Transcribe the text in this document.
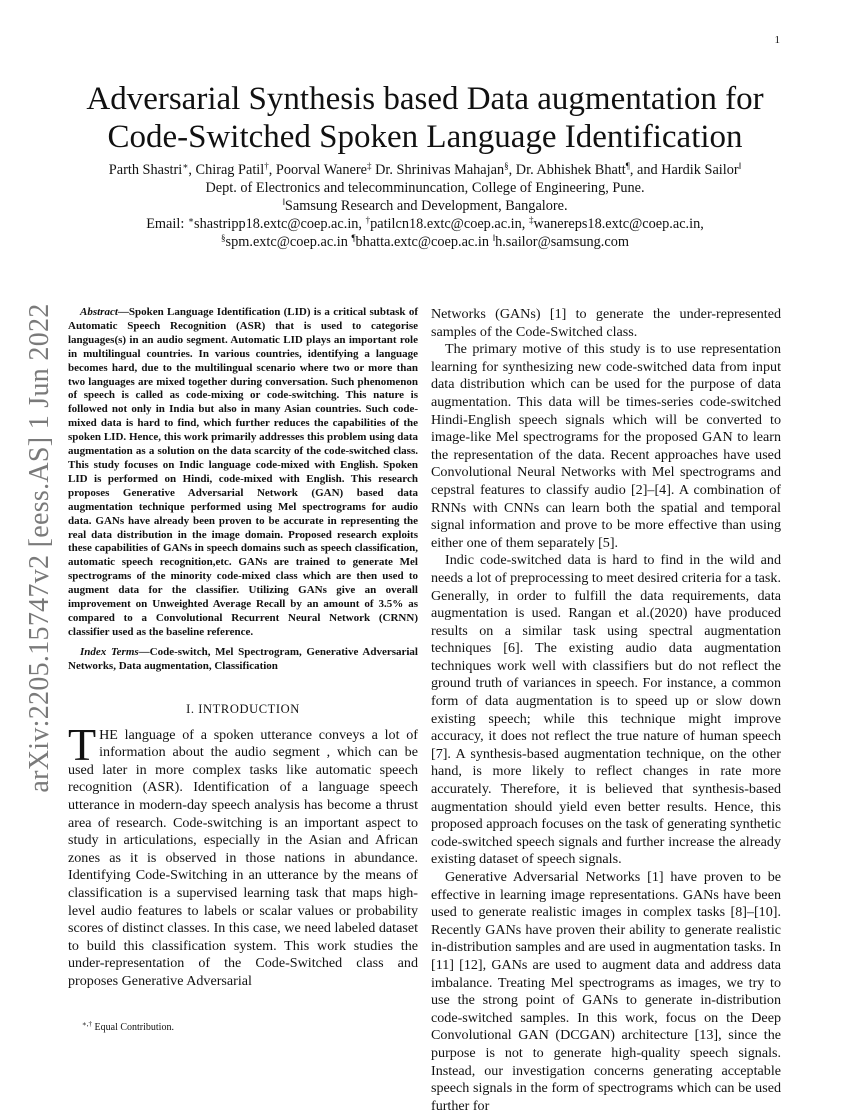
1
arXiv:2205.15747v2 [eess.AS] 1 Jun 2022
Adversarial Synthesis based Data augmentation for
Code-Switched Spoken Language Identification
Parth Shastri∗, Chirag Patil†, Poorval Wanere‡ Dr. Shrinivas Mahajan§, Dr. Abhishek Bhatt¶, and Hardik Sailor‖
Dept. of Electronics and telecomminuncation, College of Engineering, Pune.
‖Samsung Research and Development, Bangalore.
Email: ∗shastripp18.extc@coep.ac.in, †patilcn18.extc@coep.ac.in, ‡wanereps18.extc@coep.ac.in,
§spm.extc@coep.ac.in ¶bhatta.extc@coep.ac.in ‖h.sailor@samsung.com

Abstract—Spoken Language Identification (LID) is a critical subtask of Automatic Speech Recognition (ASR) that is used to categorise languages(s) in an audio segment. Automatic LID plays an important role in multilingual countries. In various countries, identifying a language becomes hard, due to the multilingual scenario where two or more than two languages are mixed together during conversation. Such phenomenon of speech is called as code-mixing or code-switching. This nature is followed not only in India but also in many Asian countries. Such code-mixed data is hard to find, which further reduces the capabilities of the spoken LID. Hence, this work primarily addresses this problem using data augmentation as a solution on the data scarcity of the code-switched class. This study focuses on Indic language code-mixed with English. Spoken LID is performed on Hindi, code-mixed with English. This research proposes Generative Adversarial Network (GAN) based data augmentation technique performed using Mel spectrograms for audio data. GANs have already been proven to be accurate in representing the real data distribution in the image domain. Proposed research exploits these capabilities of GANs in speech domains such as speech classification, automatic speech recognition,etc. GANs are trained to generate Mel spectrograms of the minority code-mixed class which are then used to augment data for the classifier. Utilizing GANs give an overall improvement on Unweighted Average Recall by an amount of 3.5% as compared to a Convolutional Recurrent Neural Network (CRNN) classifier used as the baseline reference.

Index Terms—Code-switch, Mel Spectrogram, Generative Adversarial Networks, Data augmentation, Classification

I. INTRODUCTION

THE language of a spoken utterance conveys a lot of information about the audio segment , which can be used later in more complex tasks like automatic speech recognition (ASR). Identification of a language speech utterance in modern-day speech analysis has become a thrust area of research. Code-switching is an important aspect to study in articulations, especially in the Asian and African zones as it is observed in those nations in abundance. Identifying Code-Switching in an utterance by the means of classification is a supervised learning task that maps high-level audio features to labels or scalar values or probability scores of distinct classes. In this case, we need labeled dataset to build this classification system. This work studies the under-representation of the Code-Switched class and proposes Generative Adversarial

Networks (GANs) [1] to generate the under-represented samples of the Code-Switched class.

The primary motive of this study is to use representation learning for synthesizing new code-switched data from input data distribution which can be used for the purpose of data augmentation. This data will be times-series code-switched Hindi-English speech signals which will be converted to image-like Mel spectrograms for the proposed GAN to learn the representation of the data. Recent approaches have used Convolutional Neural Networks with Mel spectrograms and cepstral features to classify audio [2]–[4]. A combination of RNNs with CNNs can learn both the spatial and temporal signal information and prove to be more effective than using either one of them separately [5].

Indic code-switched data is hard to find in the wild and needs a lot of preprocessing to meet desired criteria for a task. Generally, in order to fulfill the data requirements, data augmentation is used. Rangan et al.(2020) have produced results on a similar task using spectral augmentation techniques [6]. The existing audio data augmentation techniques work well with classifiers but do not reflect the ground truth of variances in speech. For instance, a common form of data augmentation is to speed up or slow down existing speech; while this technique might improve accuracy, it does not reflect the true nature of human speech [7]. A synthesis-based augmentation technique, on the other hand, is more likely to reflect changes in rate more accurately. Therefore, it is believed that synthesis-based augmentation should yield even better results. Hence, this proposed approach focuses on the task of generating synthetic code-switched speech signals and further increase the already existing dataset of speech signals.

Generative Adversarial Networks [1] have proven to be effective in learning image representations. GANs have been used to generate realistic images in complex tasks [8]–[10]. Recently GANs have proven their ability to generate realistic in-distribution samples and are used in augmentation tasks. In [11] [12], GANs are used to augment data and address data imbalance. Treating Mel spectrograms as images, we try to use the strong point of GANs to generate in-distribution code-switched samples. In this work, focus on the Deep Convolutional GAN (DCGAN) architecture [13], since the purpose is not to generate high-quality speech signals. Instead, our investigation concerns generating acceptable speech signals in the form of spectrograms which can be used further for

∗,† Equal Contribution.
